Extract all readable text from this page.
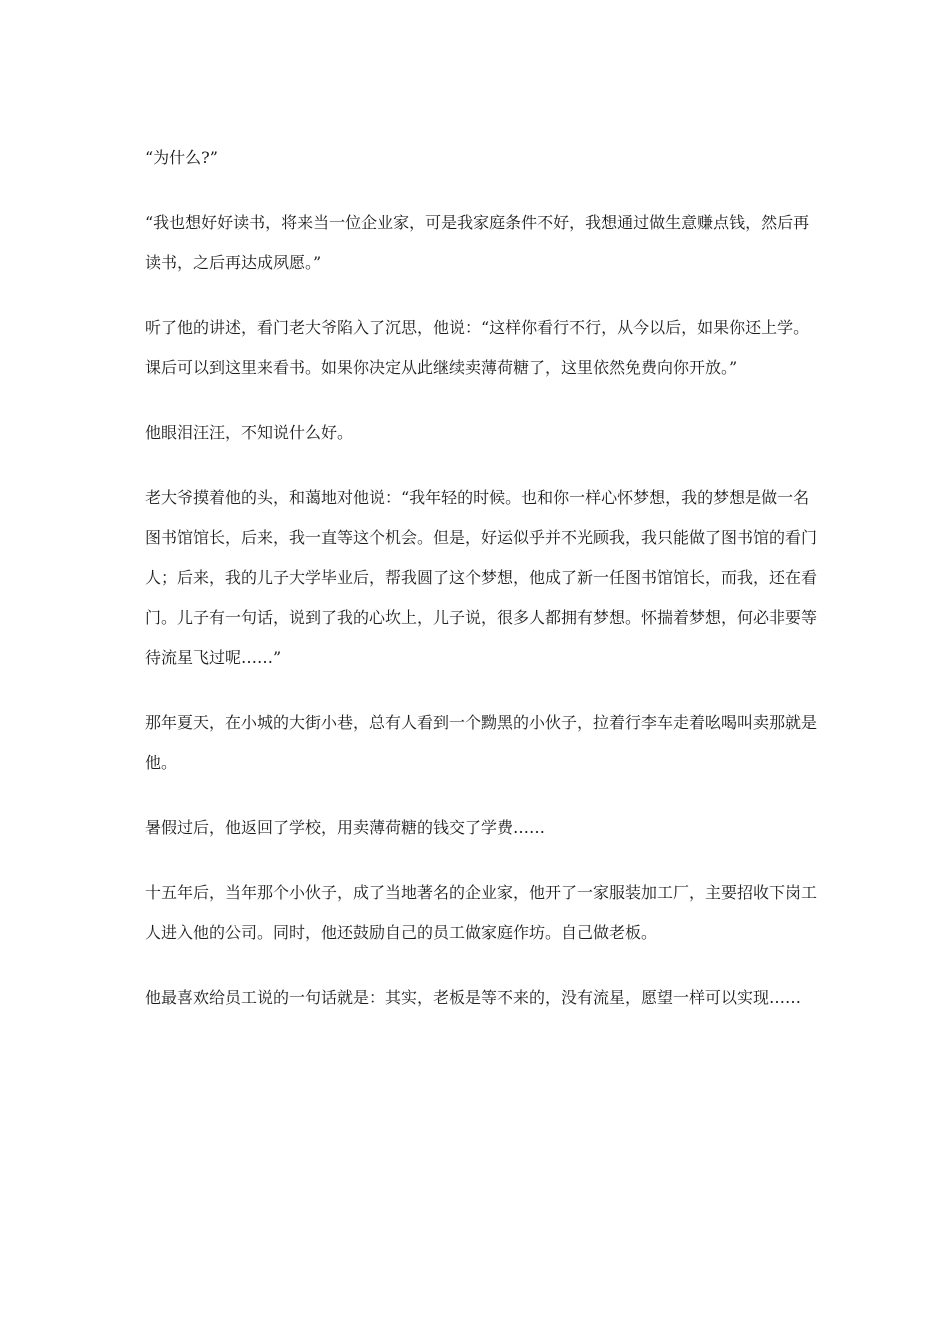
“为什么?”

“我也想好好读书，将来当一位企业家，可是我家庭条件不好，我想通过做生意赚点钱，然后再读书，之后再达成夙愿。”

听了他的讲述，看门老大爷陷入了沉思，他说：“这样你看行不行，从今以后，如果你还上学。课后可以到这里来看书。如果你决定从此继续卖薄荷糖了，这里依然免费向你开放。”

他眼泪汪汪，不知说什么好。

老大爷摸着他的头，和蔼地对他说：“我年轻的时候。也和你一样心怀梦想，我的梦想是做一名图书馆馆长，后来，我一直等这个机会。但是，好运似乎并不光顾我，我只能做了图书馆的看门人；后来，我的儿子大学毕业后，帮我圆了这个梦想，他成了新一任图书馆馆长，而我，还在看门。儿子有一句话，说到了我的心坎上，儿子说，很多人都拥有梦想。怀揣着梦想，何必非要等待流星飞过呢……”

那年夏天，在小城的大街小巷，总有人看到一个黝黑的小伙子，拉着行李车走着吆喝叫卖那就是他。

暑假过后，他返回了学校，用卖薄荷糖的钱交了学费……

十五年后，当年那个小伙子，成了当地著名的企业家，他开了一家服装加工厂，主要招收下岗工人进入他的公司。同时，他还鼓励自己的员工做家庭作坊。自己做老板。

他最喜欢给员工说的一句话就是：其实，老板是等不来的，没有流星，愿望一样可以实现……
